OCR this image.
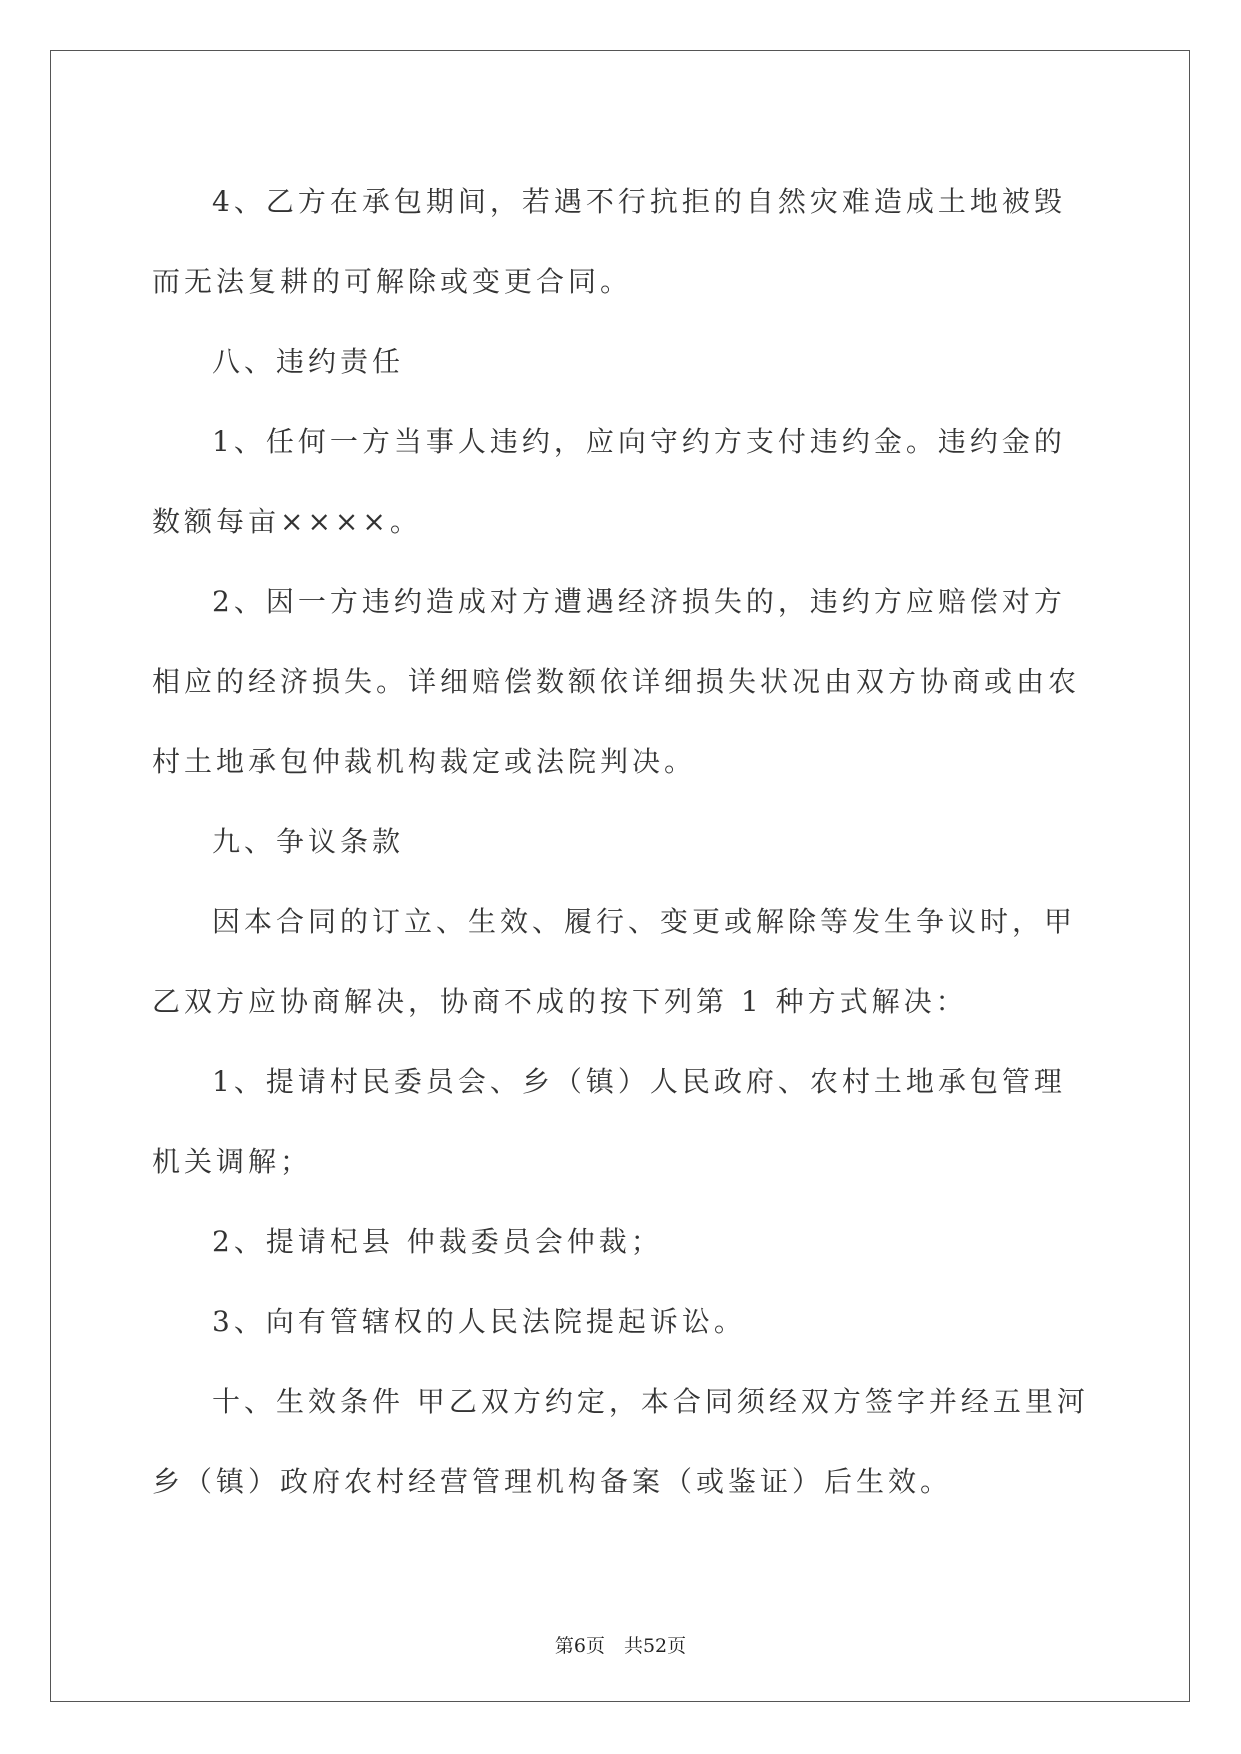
4、乙方在承包期间，若遇不行抗拒的自然灾难造成土地被毁而无法复耕的可解除或变更合同。

八、违约责任

1、任何一方当事人违约，应向守约方支付违约金。违约金的数额每亩××××。

2、因一方违约造成对方遭遇经济损失的，违约方应赔偿对方相应的经济损失。详细赔偿数额依详细损失状况由双方协商或由农村土地承包仲裁机构裁定或法院判决。

九、争议条款

因本合同的订立、生效、履行、变更或解除等发生争议时，甲乙双方应协商解决，协商不成的按下列第 1 种方式解决：

1、提请村民委员会、乡（镇）人民政府、农村土地承包管理机关调解；

2、提请杞县 仲裁委员会仲裁；

3、向有管辖权的人民法院提起诉讼。

十、生效条件 甲乙双方约定，本合同须经双方签字并经五里河乡（镇）政府农村经营管理机构备案（或鉴证）后生效。

第6页　共52页
